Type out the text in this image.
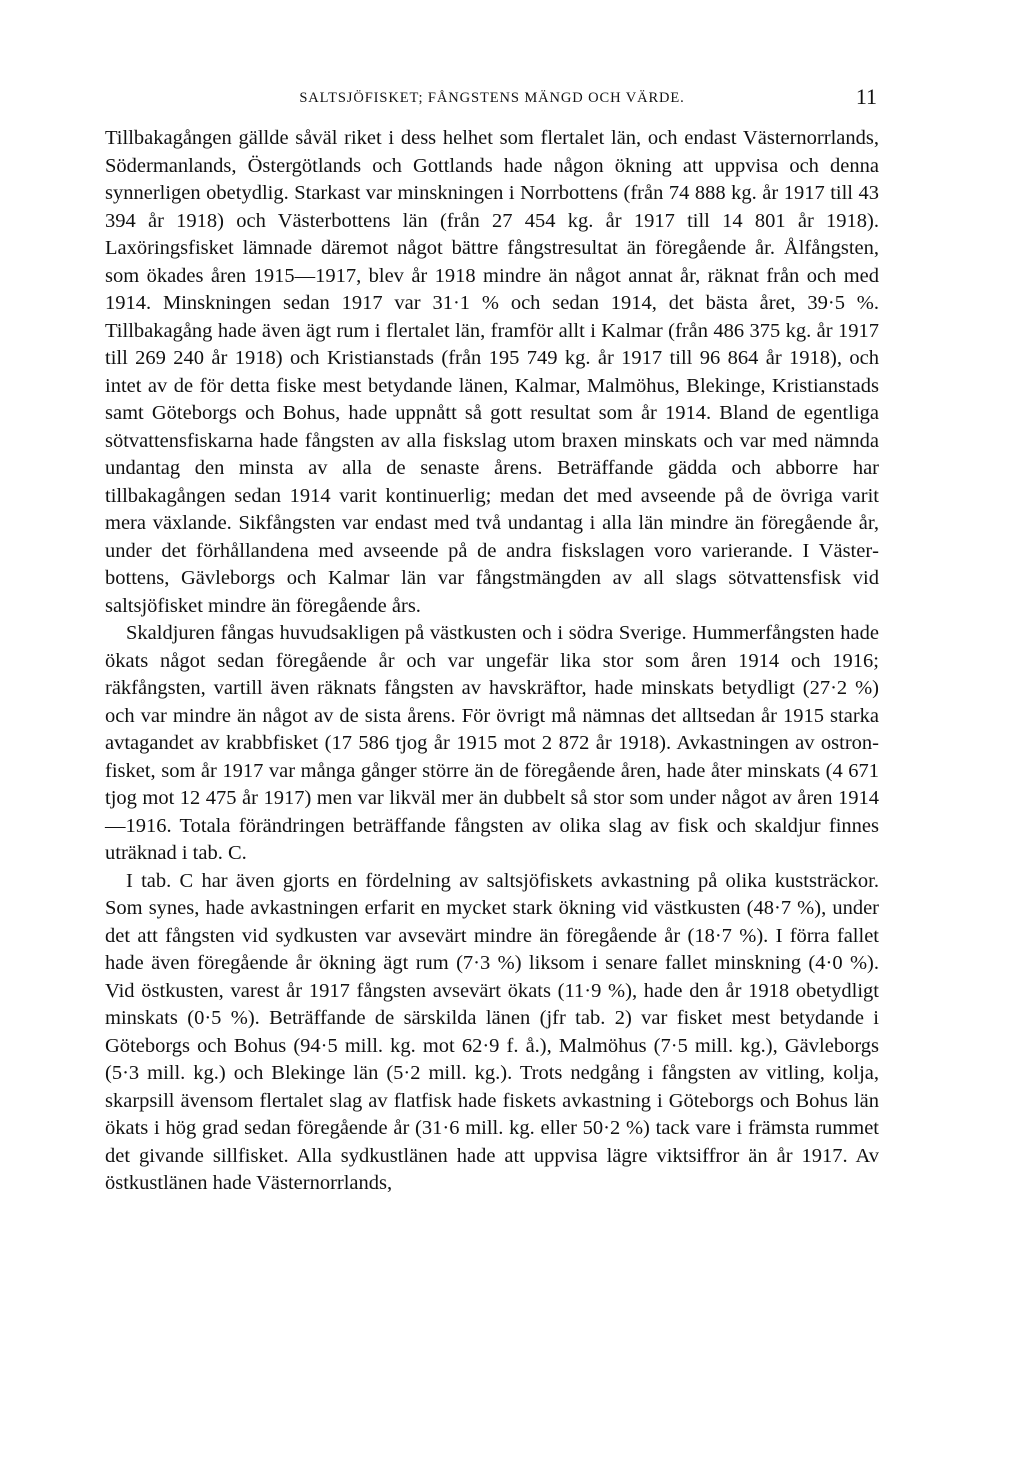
SALTSJÖFISKET; FÅNGSTENS MÄNGD OCH VÄRDE.	11

Tillbakagången gällde såväl riket i dess helhet som flertalet län, och endast Västernorrlands, Södermanlands, Östergötlands och Gottlands hade någon ökning att uppvisa och denna synnerligen obetydlig. Starkast var minskningen i Norrbottens (från 74 888 kg. år 1917 till 43 394 år 1918) och Västerbottens län (från 27 454 kg. år 1917 till 14 801 år 1918). Laxöringsfisket lämnade däremot något bättre fångstresultat än föregående år. Ålfångsten, som ökades åren 1915—1917, blev år 1918 mindre än något annat år, räknat från och med 1914. Minskningen sedan 1917 var 31·1 % och sedan 1914, det bästa året, 39·5 %. Tillbakagång hade även ägt rum i flertalet län, framför allt i Kalmar (från 486 375 kg. år 1917 till 269 240 år 1918) och Kristianstads (från 195 749 kg. år 1917 till 96 864 år 1918), och intet av de för detta fiske mest betydande länen, Kalmar, Malmöhus, Blekinge, Kristianstads samt Göteborgs och Bohus, hade uppnått så gott resultat som år 1914. Bland de egentliga sötvattensfiskarna hade fångsten av alla fiskslag utom braxen minskats och var med nämnda undantag den minsta av alla de senaste årens. Beträffande gädda och abborre har tillbakagången sedan 1914 varit kontinuerlig; medan det med avseende på de övriga varit mera växlande. Sikfångsten var endast med två undantag i alla län mindre än föregående år, under det förhållandena med avseende på de andra fiskslagen voro varierande. I Västerbottens, Gävleborgs och Kalmar län var fångstmängden av all slags sötvattensfisk vid saltsjöfisket mindre än föregående års.

Skaldjuren fångas huvudsakligen på västkusten och i södra Sverige. Hummerfångsten hade ökats något sedan föregående år och var ungefär lika stor som åren 1914 och 1916; räkfångsten, vartill även räknats fångsten av havskräftor, hade minskats betydligt (27·2 %) och var mindre än något av de sista årens. För övrigt må nämnas det alltsedan år 1915 starka avtagandet av krabbfisket (17 586 tjog år 1915 mot 2 872 år 1918). Avkastningen av ostronfisket, som år 1917 var många gånger större än de föregående åren, hade åter minskats (4 671 tjog mot 12 475 år 1917) men var likväl mer än dubbelt så stor som under något av åren 1914—1916. Totala förändringen beträffande fångsten av olika slag av fisk och skaldjur finnes uträknad i tab. C.

I tab. C har även gjorts en fördelning av saltsjöfiskets avkastning på olika kuststräckor. Som synes, hade avkastningen erfarit en mycket stark ökning vid västkusten (48·7 %), under det att fångsten vid sydkusten var avsevärt mindre än föregående år (18·7 %). I förra fallet hade även föregående år ökning ägt rum (7·3 %) liksom i senare fallet minskning (4·0 %). Vid östkusten, varest år 1917 fångsten avsevärt ökats (11·9 %), hade den år 1918 obetydligt minskats (0·5 %). Beträffande de särskilda länen (jfr tab. 2) var fisket mest betydande i Göteborgs och Bohus (94·5 mill. kg. mot 62·9 f. å.), Malmöhus (7·5 mill. kg.), Gävleborgs (5·3 mill. kg.) och Blekinge län (5·2 mill. kg.). Trots nedgång i fångsten av vitling, kolja, skarpsill ävensom flertalet slag av flatfisk hade fiskets avkastning i Göteborgs och Bohus län ökats i hög grad sedan föregående år (31·6 mill. kg. eller 50·2 %) tack vare i främsta rummet det givande sillfisket. Alla sydkustlänen hade att uppvisa lägre viktsiffror än år 1917. Av östkustlänen hade Västernorrlands,
